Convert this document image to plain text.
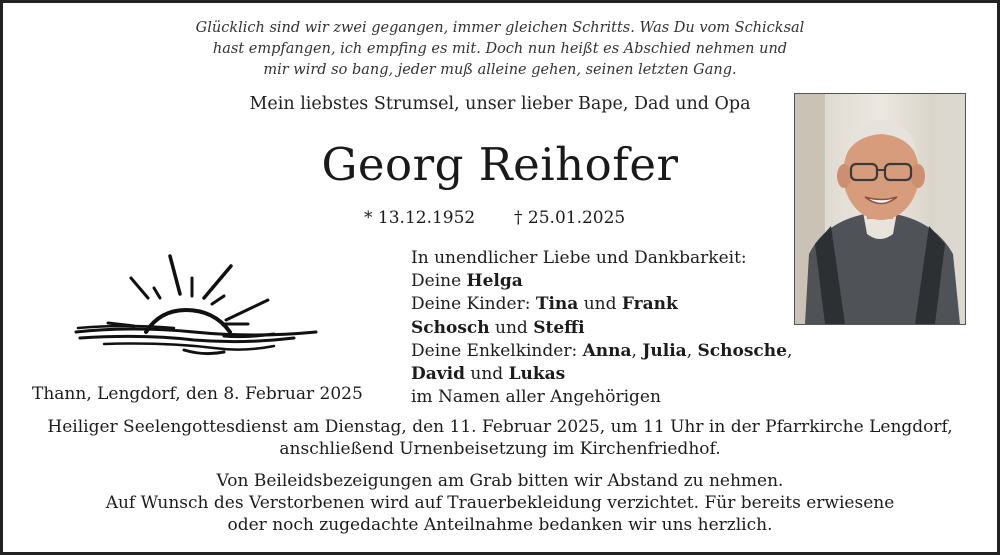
Glücklich sind wir zwei gegangen, immer gleichen Schritts. Was Du vom Schicksal
hast empfangen, ich empfing es mit. Doch nun heißt es Abschied nehmen und
mir wird so bang, jeder muß alleine gehen, seinen letzten Gang.
Mein liebstes Strumsel, unser lieber Bape, Dad und Opa
Georg Reihofer
* 13.12.1952 † 25.01.2025
Thann, Lengdorf, den 8. Februar 2025
In unendlicher Liebe und Dankbarkeit:
Deine Helga
Deine Kinder: Tina und Frank
Schosch und Steffi
Deine Enkelkinder: Anna, Julia, Schosche,
David und Lukas
im Namen aller Angehörigen
Heiliger Seelengottesdienst am Dienstag, den 11. Februar 2025, um 11 Uhr in der Pfarrkirche Lengdorf,
anschließend Urnenbeisetzung im Kirchenfriedhof.
Von Beileidsbezeigungen am Grab bitten wir Abstand zu nehmen.
Auf Wunsch des Verstorbenen wird auf Trauerbekleidung verzichtet. Für bereits erwiesene
oder noch zugedachte Anteilnahme bedanken wir uns herzlich.
